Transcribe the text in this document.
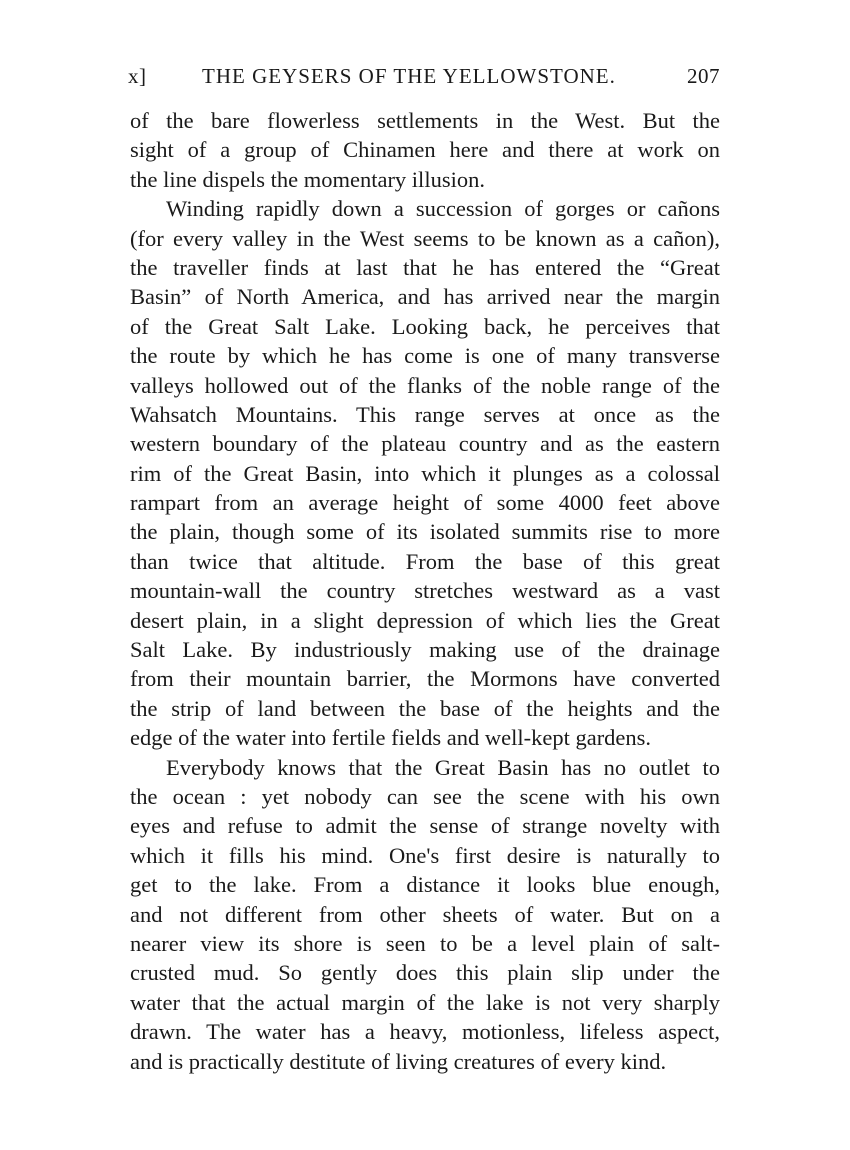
x]	THE GEYSERS OF THE YELLOWSTONE.	207
of the bare flowerless settlements in the West. But the
sight of a group of Chinamen here and there at work on
the line dispels the momentary illusion.
Winding rapidly down a succession of gorges or cañons
(for every valley in the West seems to be known as a cañon),
the traveller finds at last that he has entered the “Great
Basin” of North America, and has arrived near the margin
of the Great Salt Lake. Looking back, he perceives that
the route by which he has come is one of many transverse
valleys hollowed out of the flanks of the noble range of the
Wahsatch Mountains. This range serves at once as the
western boundary of the plateau country and as the eastern
rim of the Great Basin, into which it plunges as a colossal
rampart from an average height of some 4000 feet above
the plain, though some of its isolated summits rise to more
than twice that altitude. From the base of this great
mountain-wall the country stretches westward as a vast
desert plain, in a slight depression of which lies the Great
Salt Lake. By industriously making use of the drainage
from their mountain barrier, the Mormons have converted
the strip of land between the base of the heights and the
edge of the water into fertile fields and well-kept gardens.
Everybody knows that the Great Basin has no outlet to
the ocean : yet nobody can see the scene with his own
eyes and refuse to admit the sense of strange novelty with
which it fills his mind. One's first desire is naturally to
get to the lake. From a distance it looks blue enough,
and not different from other sheets of water. But on a
nearer view its shore is seen to be a level plain of salt-
crusted mud. So gently does this plain slip under the
water that the actual margin of the lake is not very sharply
drawn. The water has a heavy, motionless, lifeless aspect,
and is practically destitute of living creatures of every kind.
